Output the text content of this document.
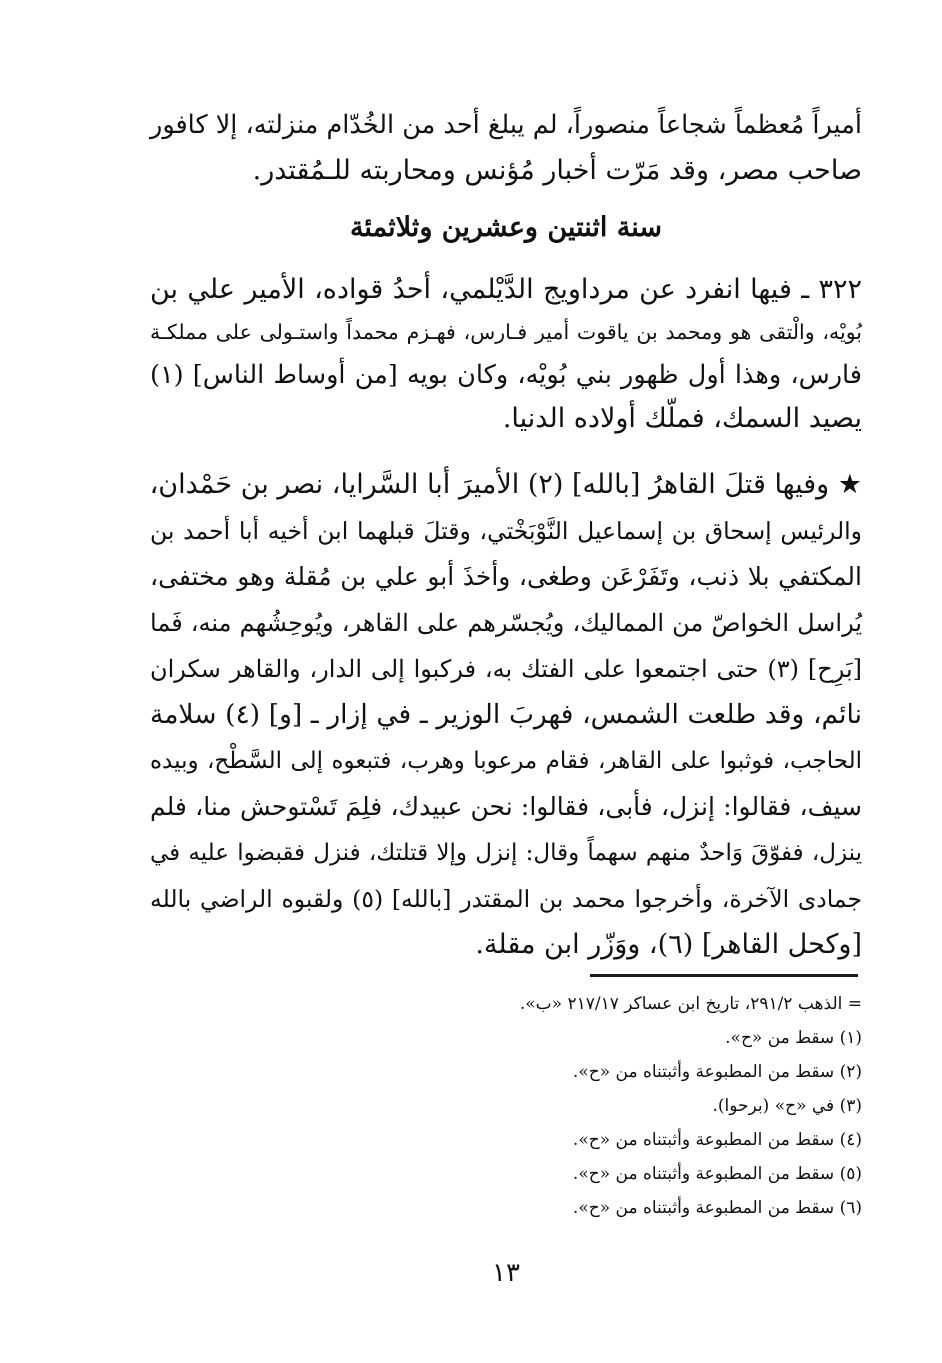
أميراً مُعظماً شجاعاً منصوراً، لم يبلغ أحد من الخُدّام منزلته، إلا كافور
صاحب مصر، وقد مَرّت أخبار مُؤنس ومحاربته للـمُقتدر.
سنة اثنتين وعشرين وثلاثمئة
٣٢٢ ـ فيها انفرد عن مرداويج الدَّيْلمي، أحدُ قواده، الأمير علي بن
بُويْه، والْتقى هو ومحمد بن ياقوت أمير فـارس، فهـزم محمداً واستـولى على مملكـة
فارس، وهذا أول ظهور بني بُويْه، وكان بويه [من أوساط الناس] (١)
يصيد السمك، فملّك أولاده الدنيا.
★ وفيها قتلَ القاهرُ [بالله] (٢) الأميرَ أبا السَّرايا، نصر بن حَمْدان،
والرئيس إسحاق بن إسماعيل النَّوْبَخْتي، وقتلَ قبلهما ابن أخيه أبا أحمد بن
المكتفي بلا ذنب، وتَفَرْعَن وطغى، وأخذَ أبو علي بن مُقلة وهو مختفى،
يُراسل الخواصّ من المماليك، ويُجسّرهم على القاهر، ويُوحِشُهم منه، فَما
[بَرِح] (٣) حتى اجتمعوا على الفتك به، فركبوا إلى الدار، والقاهر سكران
نائم، وقد طلعت الشمس، فهربَ الوزير ـ في إزار ـ [و] (٤) سلامة
الحاجب، فوثبوا على القاهر، فقام مرعوبا وهرب، فتبعوه إلى السَّطْح، وبيده
سيف، فقالوا: إنزل، فأبى، فقالوا: نحن عبيدك، فلِمَ تَسْتوحش منا، فلم
ينزل، ففوّقَ وَاحدٌ منهم سهماً وقال: إنزل وإلا قتلتك، فنزل فقبضوا عليه في
جمادى الآخرة، وأخرجوا محمد بن المقتدر [بالله] (٥) ولقبوه الراضي بالله
[وكحل القاهر] (٦)، ووَزّر ابن مقلة.
= الذهب ٢٩١/٢، تاريخ ابن عساكر ٢١٧/١٧ «ب».
(١) سقط من «ح».
(٢) سقط من المطبوعة وأثبتناه من «ح».
(٣) في «ح» (برحوا).
(٤) سقط من المطبوعة وأثبتناه من «ح».
(٥) سقط من المطبوعة وأثبتناه من «ح».
(٦) سقط من المطبوعة وأثبتناه من «ح».
١٣
